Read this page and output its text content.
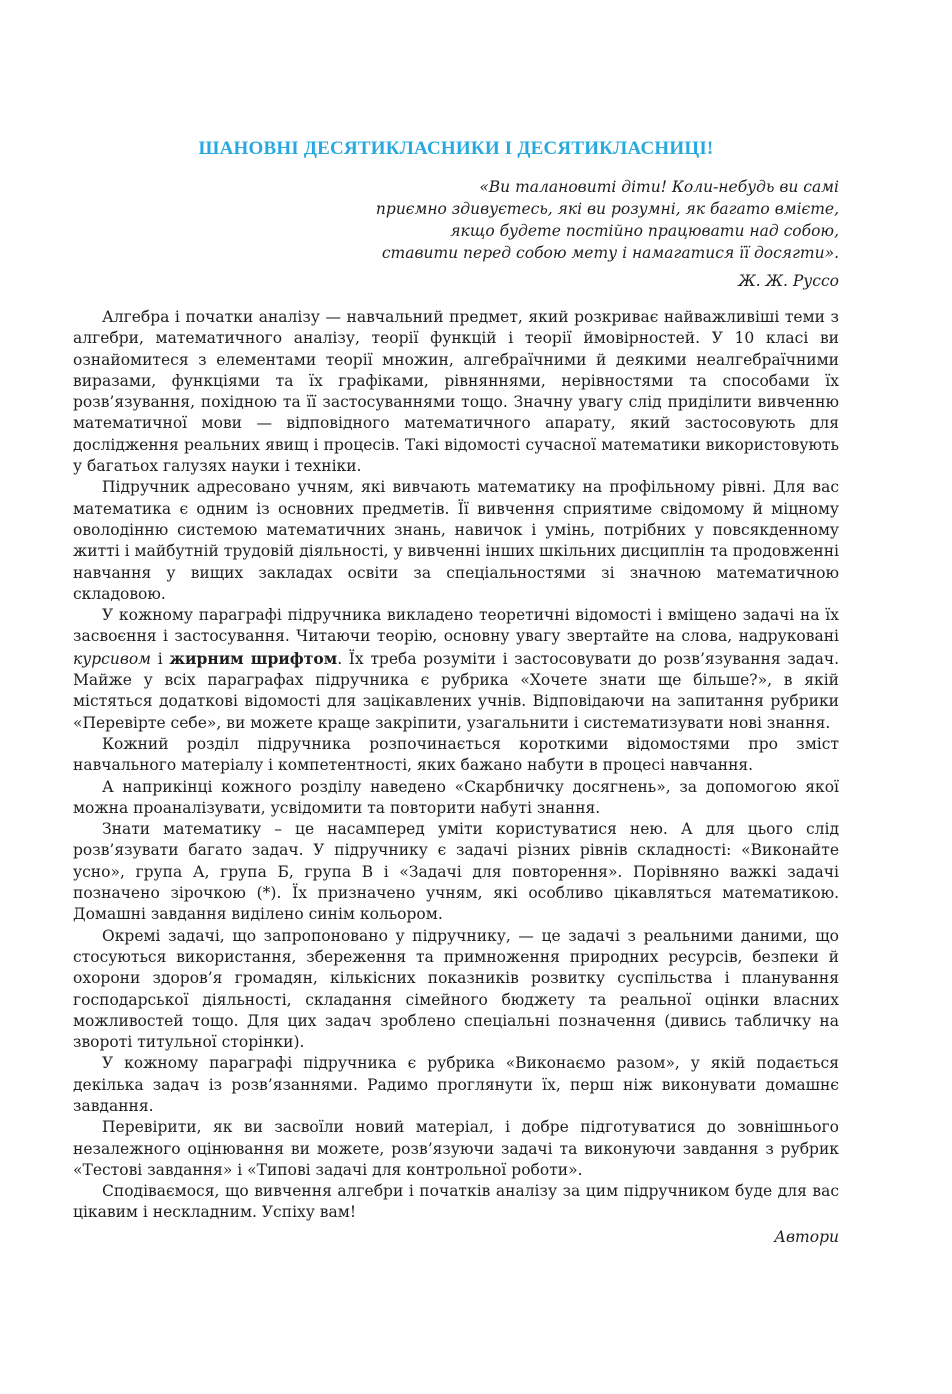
ШАНОВНІ ДЕСЯТИКЛАСНИКИ І ДЕСЯТИКЛАСНИЦІ!
«Ви талановиті діти! Коли-небудь ви самі
приємно здивуєтесь, які ви розумні, як багато вмієте,
якщо будете постійно працювати над собою,
ставити перед собою мету і намагатися її досягти».
Ж. Ж. Руссо

Алгебра і початки аналізу — навчальний предмет, який розкриває найважливіші теми з алгебри, математичного аналізу, теорії функцій і теорії ймовірностей. У 10 класі ви ознайомитеся з елементами теорії множин, алгебраїчними й деякими неалгебраїчними виразами, функціями та їх графіками, рівняннями, нерівностями та способами їх розв’язування, похідною та її застосуваннями тощо. Значну увагу слід приділити вивченню математичної мови — відповідного математичного апарату, який застосовують для дослідження реальних явищ і процесів. Такі відомості сучасної математики використовують у багатьох галузях науки і техніки.

Підручник адресовано учням, які вивчають математику на профільному рівні. Для вас математика є одним із основних предметів. Її вивчення сприятиме свідомому й міцному оволодінню системою математичних знань, навичок і умінь, потрібних у повсякденному житті і майбутній трудовій діяльності, у вивченні інших шкільних дисциплін та продовженні навчання у вищих закладах освіти за спеціальностями зі значною математичною складовою.

У кожному параграфі підручника викладено теоретичні відомості і вміщено задачі на їх засвоєння і застосування. Читаючи теорію, основну увагу звертайте на слова, надруковані курсивом і жирним шрифтом. Їх треба розуміти і застосовувати до розв’язування задач. Майже у всіх параграфах підручника є рубрика «Хочете знати ще більше?», в якій містяться додаткові відомості для зацікавлених учнів. Відповідаючи на запитання рубрики «Перевірте себе», ви можете краще закріпити, узагальнити і систематизувати нові знання.

Кожний розділ підручника розпочинається короткими відомостями про зміст навчального матеріалу і компетентності, яких бажано набути в процесі навчання.

А наприкінці кожного розділу наведено «Скарбничку досягнень», за допомогою якої можна проаналізувати, усвідомити та повторити набуті знання.

Знати математику – це насамперед уміти користуватися нею. А для цього слід розв’язувати багато задач. У підручнику є задачі різних рівнів складності: «Виконайте усно», група А, група Б, група В і «Задачі для повторення». Порівняно важкі задачі позначено зірочкою (*). Їх призначено учням, які особливо цікавляться математикою. Домашні завдання виділено синім кольором.

Окремі задачі, що запропоновано у підручнику, — це задачі з реальними даними, що стосуються використання, збереження та примноження природних ресурсів, безпеки й охорони здоров’я громадян, кількісних показників розвитку суспільства і планування господарської діяльності, складання сімейного бюджету та реальної оцінки власних можливостей тощо. Для цих задач зроблено спеціальні позначення (дивись табличку на звороті титульної сторінки).

У кожному параграфі підручника є рубрика «Виконаємо разом», у якій подається декілька задач із розв’язаннями. Радимо проглянути їх, перш ніж виконувати домашнє завдання.

Перевірити, як ви засвоїли новий матеріал, і добре підготуватися до зовнішнього незалежного оцінювання ви можете, розв’язуючи задачі та виконуючи завдання з рубрик «Тестові завдання» і «Типові задачі для контрольної роботи».

Сподіваємося, що вивчення алгебри і початків аналізу за цим підручником буде для вас цікавим і нескладним. Успіху вам!

Автори
